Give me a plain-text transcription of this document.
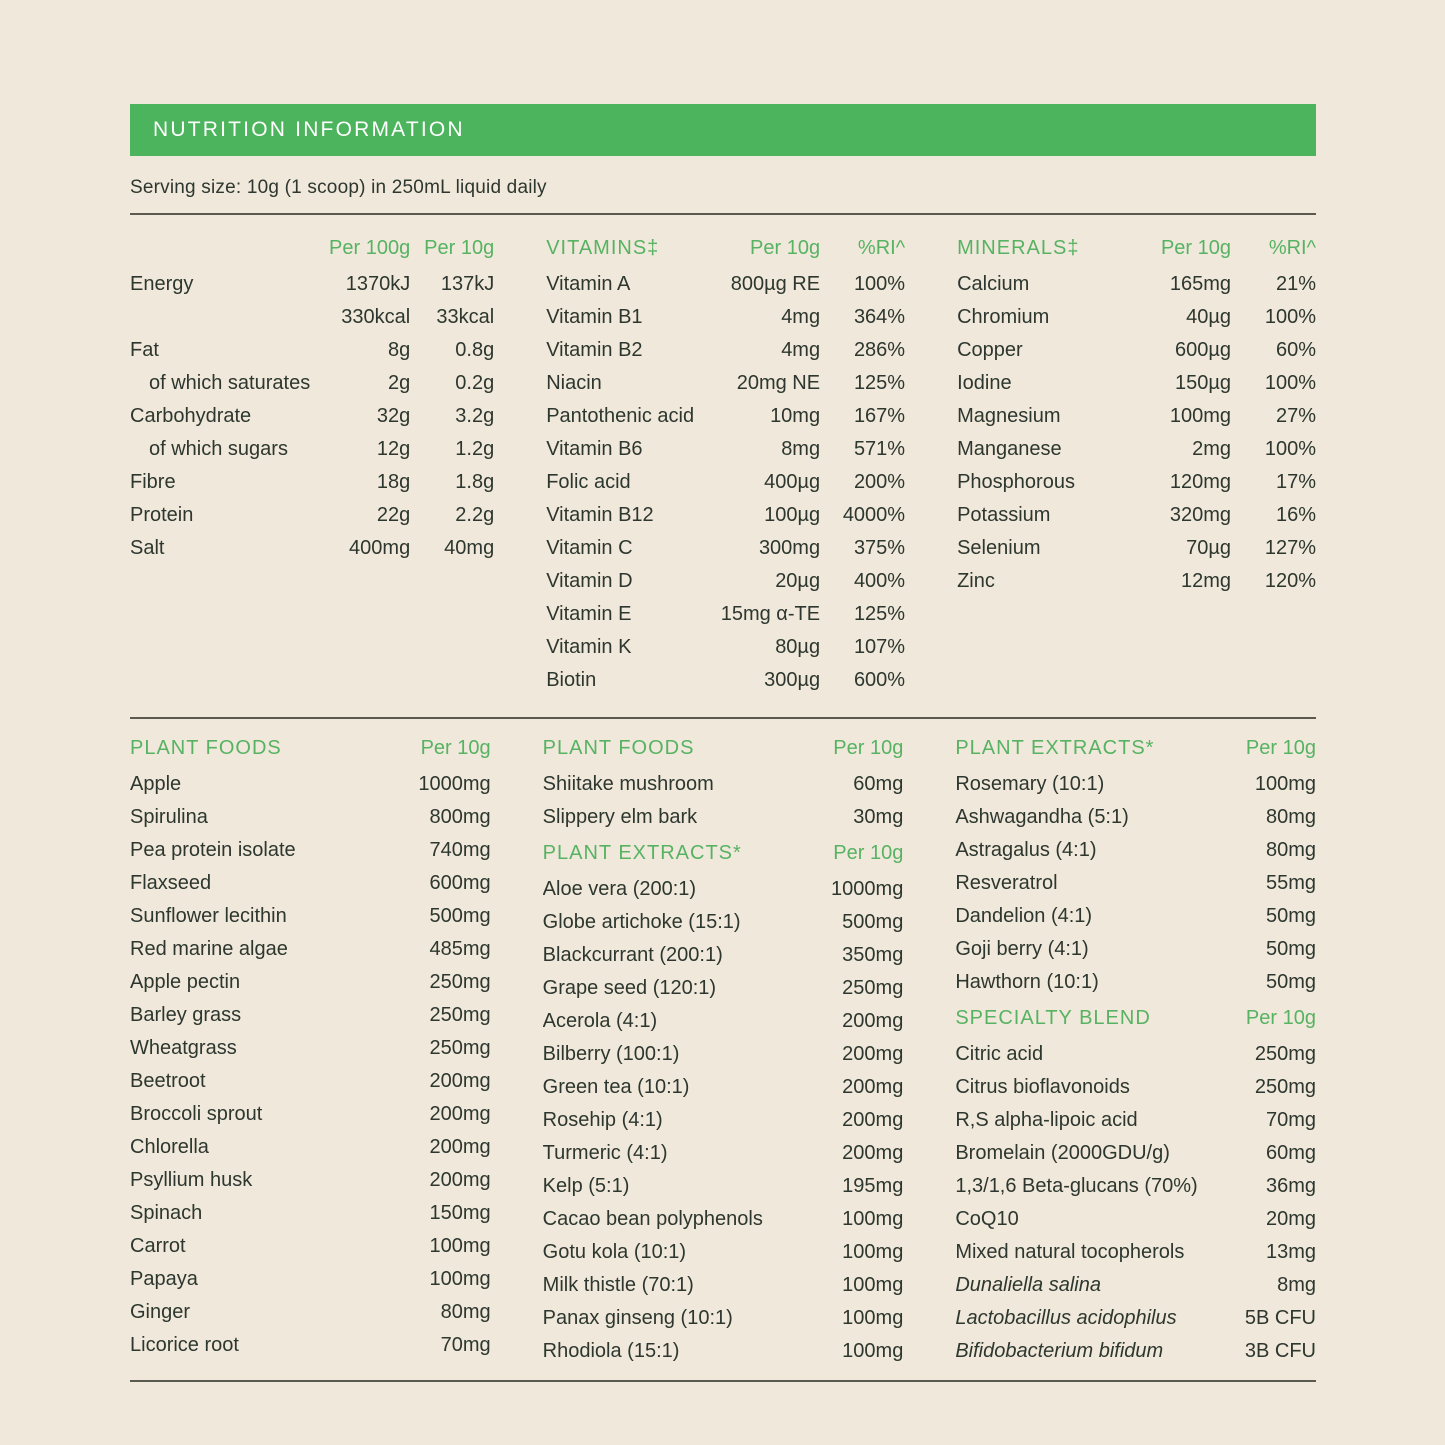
NUTRITION INFORMATION
Serving size: 10g (1 scoop) in 250mL liquid daily
Per 100g Per 10g
Energy	1370kJ	137kJ
330kcal	33kcal
Fat	8g	0.8g
of which saturates	2g	0.2g
Carbohydrate	32g	3.2g
of which sugars	12g	1.2g
Fibre	18g	1.8g
Protein	22g	2.2g
Salt	400mg	40mg
VITAMINS‡	Per 10g	%RI^
Vitamin A	800µg RE	100%
Vitamin B1	4mg	364%
Vitamin B2	4mg	286%
Niacin	20mg NE	125%
Pantothenic acid	10mg	167%
Vitamin B6	8mg	571%
Folic acid	400µg	200%
Vitamin B12	100µg	4000%
Vitamin C	300mg	375%
Vitamin D	20µg	400%
Vitamin E	15mg α-TE	125%
Vitamin K	80µg	107%
Biotin	300µg	600%
MINERALS‡	Per 10g	%RI^
Calcium	165mg	21%
Chromium	40µg	100%
Copper	600µg	60%
Iodine	150µg	100%
Magnesium	100mg	27%
Manganese	2mg	100%
Phosphorous	120mg	17%
Potassium	320mg	16%
Selenium	70µg	127%
Zinc	12mg	120%
PLANT FOODS	Per 10g
Apple	1000mg
Spirulina	800mg
Pea protein isolate	740mg
Flaxseed	600mg
Sunflower lecithin	500mg
Red marine algae	485mg
Apple pectin	250mg
Barley grass	250mg
Wheatgrass	250mg
Beetroot	200mg
Broccoli sprout	200mg
Chlorella	200mg
Psyllium husk	200mg
Spinach	150mg
Carrot	100mg
Papaya	100mg
Ginger	80mg
Licorice root	70mg
PLANT FOODS	Per 10g
Shiitake mushroom	60mg
Slippery elm bark	30mg
PLANT EXTRACTS*	Per 10g
Aloe vera (200:1)	1000mg
Globe artichoke (15:1)	500mg
Blackcurrant (200:1)	350mg
Grape seed (120:1)	250mg
Acerola (4:1)	200mg
Bilberry (100:1)	200mg
Green tea (10:1)	200mg
Rosehip (4:1)	200mg
Turmeric (4:1)	200mg
Kelp (5:1)	195mg
Cacao bean polyphenols	100mg
Gotu kola (10:1)	100mg
Milk thistle (70:1)	100mg
Panax ginseng (10:1)	100mg
Rhodiola (15:1)	100mg
PLANT EXTRACTS*	Per 10g
Rosemary (10:1)	100mg
Ashwagandha (5:1)	80mg
Astragalus (4:1)	80mg
Resveratrol	55mg
Dandelion (4:1)	50mg
Goji berry (4:1)	50mg
Hawthorn (10:1)	50mg
SPECIALTY BLEND	Per 10g
Citric acid	250mg
Citrus bioflavonoids	250mg
R,S alpha-lipoic acid	70mg
Bromelain (2000GDU/g)	60mg
1,3/1,6 Beta-glucans (70%)	36mg
CoQ10	20mg
Mixed natural tocopherols	13mg
Dunaliella salina	8mg
Lactobacillus acidophilus	5B CFU
Bifidobacterium bifidum	3B CFU
